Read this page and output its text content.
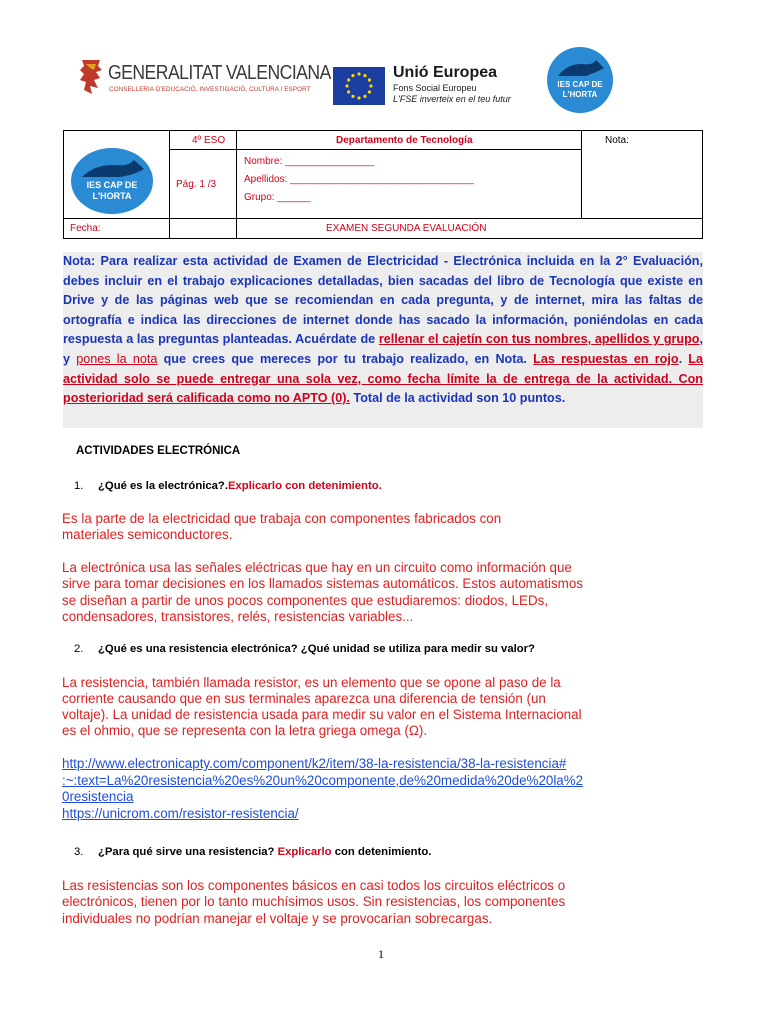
GENERALITAT VALENCIANA
CONSELLERIA D'EDUCACIÓ, INVESTIGACIÓ, CULTURA I ESPORT
Unió Europea
Fons Social Europeu
L'FSE inverteix en el teu futur
IES CAP DE
L'HORTA
4º ESO	Departamento de Tecnología	Nota:
Pág. 1 /3
Nombre: ________________
Apellidos: _________________________________
Grupo: ______
Fecha:	EXAMEN SEGUNDA EVALUACIÓN
IES CAP DE
L'HORTA

Nota: Para realizar esta actividad de Examen de Electricidad - Electrónica incluida en la 2° Evaluación, debes incluir en el trabajo explicaciones detalladas, bien sacadas del libro de Tecnología que existe en Drive y de las páginas web que se recomiendan en cada pregunta, y de internet, mira las faltas de ortografía e indica las direcciones de internet donde has sacado la información, poniéndolas en cada respuesta a las preguntas planteadas. Acuérdate de rellenar el cajetín con tus nombres, apellidos y grupo, y pones la nota que crees que mereces por tu trabajo realizado, en Nota. Las respuestas en rojo. La actividad solo se puede entregar una sola vez, como fecha límite la de entrega de la actividad. Con posterioridad será calificada como no APTO (0). Total de la actividad son 10 puntos.

ACTIVIDADES ELECTRÓNICA
1. ¿Qué es la electrónica?.Explicarlo con detenimiento.
Es la parte de la electricidad que trabaja con componentes fabricados con
materiales semiconductores.
La electrónica usa las señales eléctricas que hay en un circuito como información que
sirve para tomar decisiones en los llamados sistemas automáticos. Estos automatismos
se diseñan a partir de unos pocos componentes que estudiaremos: diodos, LEDs,
condensadores, transistores, relés, resistencias variables...
2. ¿Qué es una resistencia electrónica? ¿Qué unidad se utiliza para medir su valor?
La resistencia, también llamada resistor, es un elemento que se opone al paso de la
corriente causando que en sus terminales aparezca una diferencia de tensión (un
voltaje). La unidad de resistencia usada para medir su valor en el Sistema Internacional
es el ohmio, que se representa con la letra griega omega (Ω).
http://www.electronicapty.com/component/k2/item/38-la-resistencia/38-la-resistencia#
:~:text=La%20resistencia%20es%20un%20componente,de%20medida%20de%20la%2
0resistencia
https://unicrom.com/resistor-resistencia/
3. ¿Para qué sirve una resistencia? Explicarlo con detenimiento.
Las resistencias son los componentes básicos en casi todos los circuitos eléctricos o
electrónicos, tienen por lo tanto muchísimos usos. Sin resistencias, los componentes
individuales no podrían manejar el voltaje y se provocarían sobrecargas.
1
